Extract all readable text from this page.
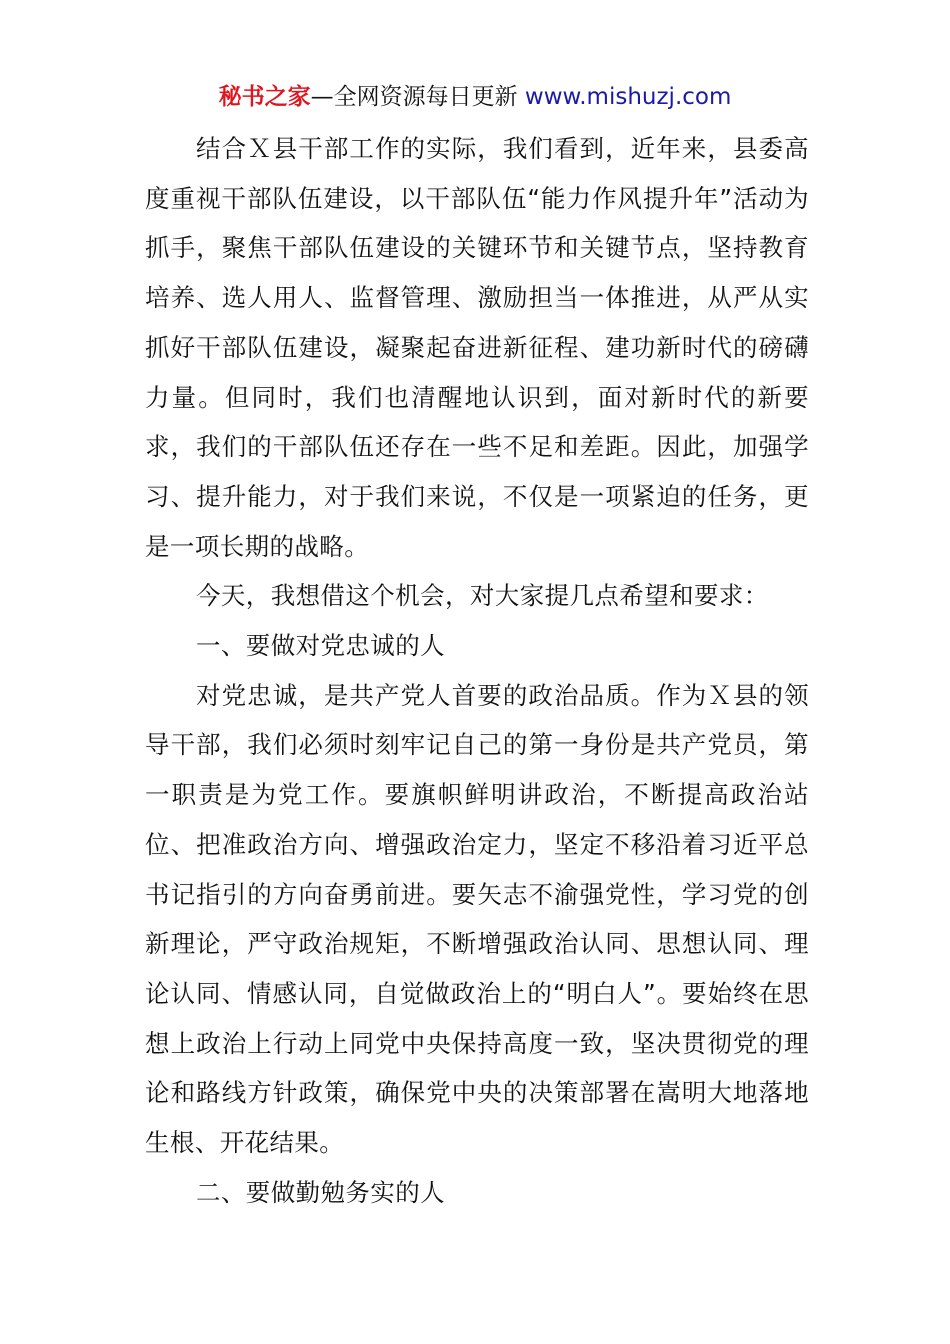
秘书之家—全网资源每日更新 www.mishuzj.com

结合Ｘ县干部工作的实际，我们看到，近年来，县委高度重视干部队伍建设，以干部队伍“能力作风提升年”活动为抓手，聚焦干部队伍建设的关键环节和关键节点，坚持教育培养、选人用人、监督管理、激励担当一体推进，从严从实抓好干部队伍建设，凝聚起奋进新征程、建功新时代的磅礴力量。但同时，我们也清醒地认识到，面对新时代的新要求，我们的干部队伍还存在一些不足和差距。因此，加强学习、提升能力，对于我们来说，不仅是一项紧迫的任务，更是一项长期的战略。

今天，我想借这个机会，对大家提几点希望和要求：

一、要做对党忠诚的人

对党忠诚，是共产党人首要的政治品质。作为Ｘ县的领导干部，我们必须时刻牢记自己的第一身份是共产党员，第一职责是为党工作。要旗帜鲜明讲政治，不断提高政治站位、把准政治方向、增强政治定力，坚定不移沿着习近平总书记指引的方向奋勇前进。要矢志不渝强党性，学习党的创新理论，严守政治规矩，不断增强政治认同、思想认同、理论认同、情感认同，自觉做政治上的“明白人”。要始终在思想上政治上行动上同党中央保持高度一致，坚决贯彻党的理论和路线方针政策，确保党中央的决策部署在嵩明大地落地生根、开花结果。

二、要做勤勉务实的人
